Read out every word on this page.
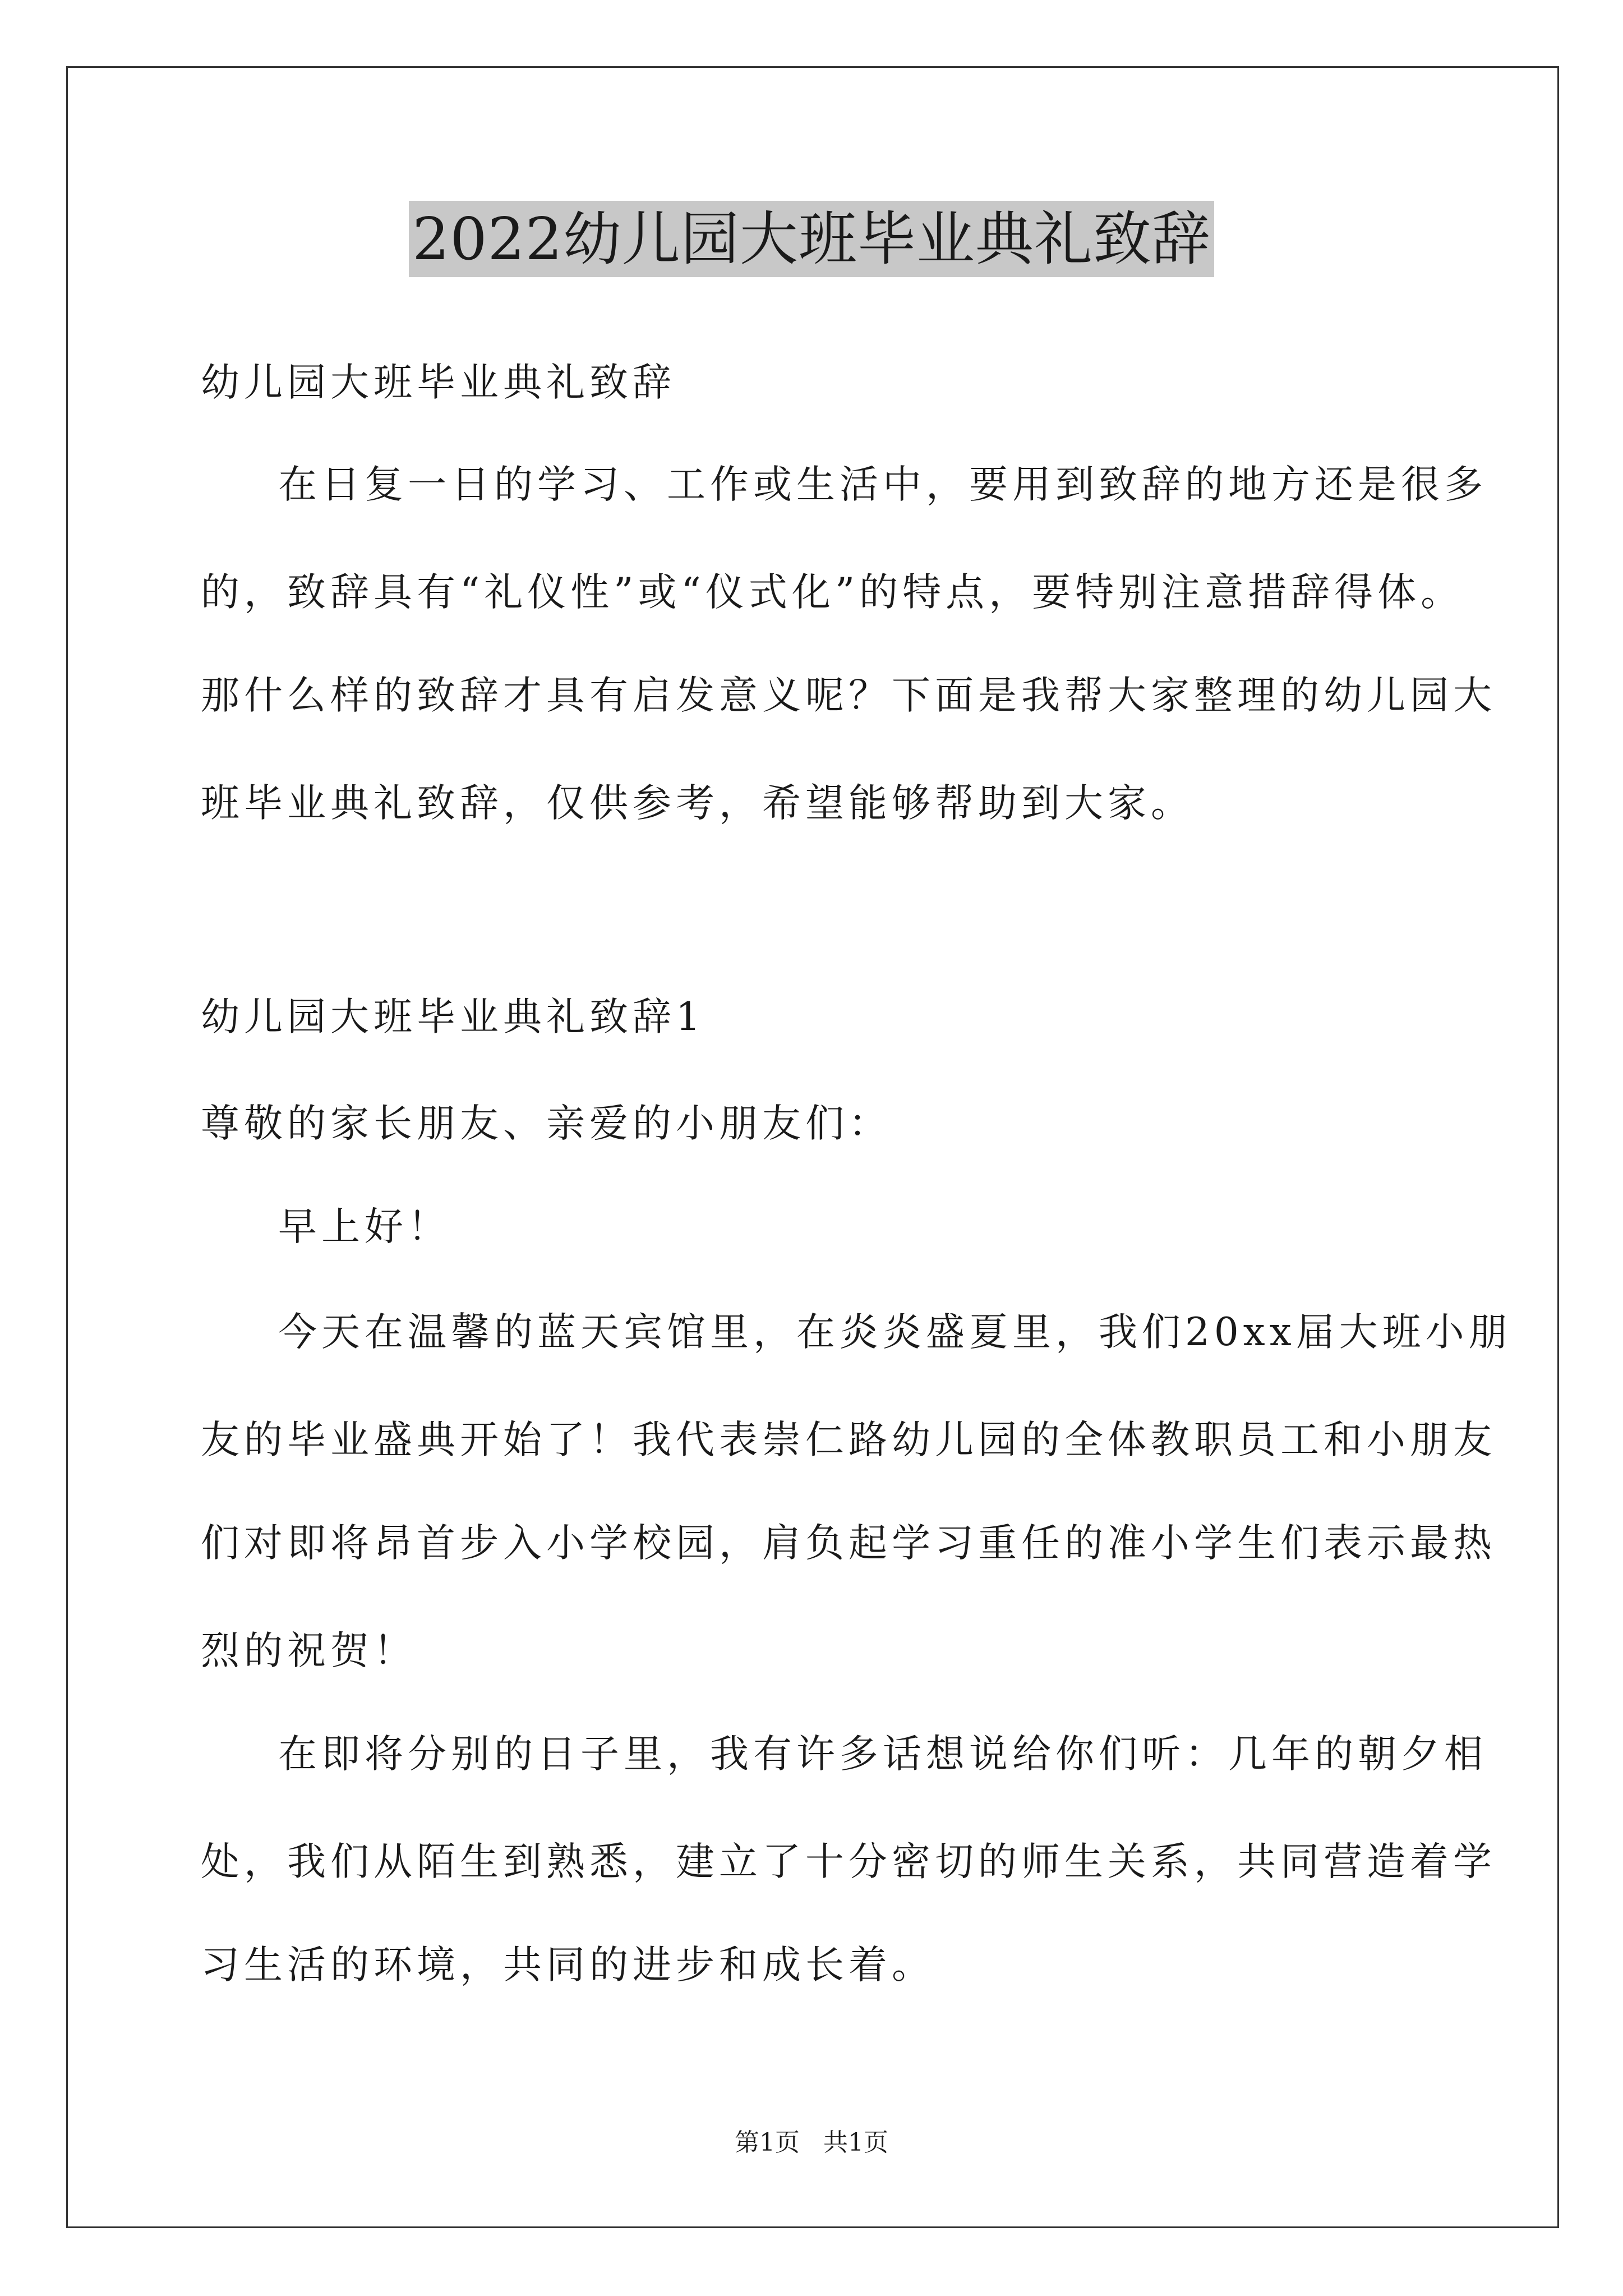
2022幼儿园大班毕业典礼致辞
幼儿园大班毕业典礼致辞
在日复一日的学习、工作或生活中，要用到致辞的地方还是很多
的，致辞具有“礼仪性”或“仪式化”的特点，要特别注意措辞得体。
那什么样的致辞才具有启发意义呢？下面是我帮大家整理的幼儿园大
班毕业典礼致辞，仅供参考，希望能够帮助到大家。
幼儿园大班毕业典礼致辞1
尊敬的家长朋友、亲爱的小朋友们：
早上好！
今天在温馨的蓝天宾馆里，在炎炎盛夏里，我们20xx届大班小朋
友的毕业盛典开始了！我代表崇仁路幼儿园的全体教职员工和小朋友
们对即将昂首步入小学校园，肩负起学习重任的准小学生们表示最热
烈的祝贺！
在即将分别的日子里，我有许多话想说给你们听：几年的朝夕相
处，我们从陌生到熟悉，建立了十分密切的师生关系，共同营造着学
习生活的环境，共同的进步和成长着。
第1页 共1页
